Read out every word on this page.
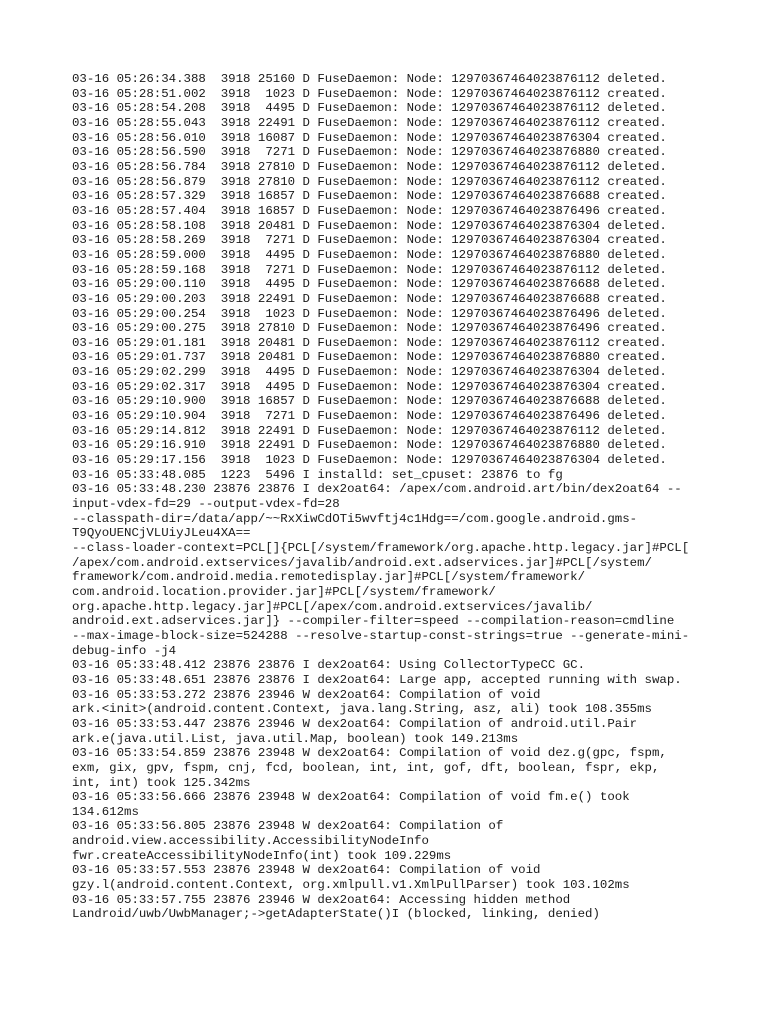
03-16 05:26:34.388  3918 25160 D FuseDaemon: Node: 12970367464023876112 deleted.
03-16 05:28:51.002  3918  1023 D FuseDaemon: Node: 12970367464023876112 created.
03-16 05:28:54.208  3918  4495 D FuseDaemon: Node: 12970367464023876112 deleted.
03-16 05:28:55.043  3918 22491 D FuseDaemon: Node: 12970367464023876112 created.
03-16 05:28:56.010  3918 16087 D FuseDaemon: Node: 12970367464023876304 created.
03-16 05:28:56.590  3918  7271 D FuseDaemon: Node: 12970367464023876880 created.
03-16 05:28:56.784  3918 27810 D FuseDaemon: Node: 12970367464023876112 deleted.
03-16 05:28:56.879  3918 27810 D FuseDaemon: Node: 12970367464023876112 created.
03-16 05:28:57.329  3918 16857 D FuseDaemon: Node: 12970367464023876688 created.
03-16 05:28:57.404  3918 16857 D FuseDaemon: Node: 12970367464023876496 created.
03-16 05:28:58.108  3918 20481 D FuseDaemon: Node: 12970367464023876304 deleted.
03-16 05:28:58.269  3918  7271 D FuseDaemon: Node: 12970367464023876304 created.
03-16 05:28:59.000  3918  4495 D FuseDaemon: Node: 12970367464023876880 deleted.
03-16 05:28:59.168  3918  7271 D FuseDaemon: Node: 12970367464023876112 deleted.
03-16 05:29:00.110  3918  4495 D FuseDaemon: Node: 12970367464023876688 deleted.
03-16 05:29:00.203  3918 22491 D FuseDaemon: Node: 12970367464023876688 created.
03-16 05:29:00.254  3918  1023 D FuseDaemon: Node: 12970367464023876496 deleted.
03-16 05:29:00.275  3918 27810 D FuseDaemon: Node: 12970367464023876496 created.
03-16 05:29:01.181  3918 20481 D FuseDaemon: Node: 12970367464023876112 created.
03-16 05:29:01.737  3918 20481 D FuseDaemon: Node: 12970367464023876880 created.
03-16 05:29:02.299  3918  4495 D FuseDaemon: Node: 12970367464023876304 deleted.
03-16 05:29:02.317  3918  4495 D FuseDaemon: Node: 12970367464023876304 created.
03-16 05:29:10.900  3918 16857 D FuseDaemon: Node: 12970367464023876688 deleted.
03-16 05:29:10.904  3918  7271 D FuseDaemon: Node: 12970367464023876496 deleted.
03-16 05:29:14.812  3918 22491 D FuseDaemon: Node: 12970367464023876112 deleted.
03-16 05:29:16.910  3918 22491 D FuseDaemon: Node: 12970367464023876880 deleted.
03-16 05:29:17.156  3918  1023 D FuseDaemon: Node: 12970367464023876304 deleted.
03-16 05:33:48.085  1223  5496 I installd: set_cpuset: 23876 to fg
03-16 05:33:48.230 23876 23876 I dex2oat64: /apex/com.android.art/bin/dex2oat64 --
input-vdex-fd=29 --output-vdex-fd=28
--classpath-dir=/data/app/~~RxXiwCdOTi5wvftj4c1Hdg==/com.google.android.gms-
T9QyoUENCjVLUiyJLeu4XA==
--class-loader-context=PCL[]{PCL[/system/framework/org.apache.http.legacy.jar]#PCL[
/apex/com.android.extservices/javalib/android.ext.adservices.jar]#PCL[/system/
framework/com.android.media.remotedisplay.jar]#PCL[/system/framework/
com.android.location.provider.jar]#PCL[/system/framework/
org.apache.http.legacy.jar]#PCL[/apex/com.android.extservices/javalib/
android.ext.adservices.jar]} --compiler-filter=speed --compilation-reason=cmdline
--max-image-block-size=524288 --resolve-startup-const-strings=true --generate-mini-
debug-info -j4
03-16 05:33:48.412 23876 23876 I dex2oat64: Using CollectorTypeCC GC.
03-16 05:33:48.651 23876 23876 I dex2oat64: Large app, accepted running with swap.
03-16 05:33:53.272 23876 23946 W dex2oat64: Compilation of void
ark.<init>(android.content.Context, java.lang.String, asz, ali) took 108.355ms
03-16 05:33:53.447 23876 23946 W dex2oat64: Compilation of android.util.Pair
ark.e(java.util.List, java.util.Map, boolean) took 149.213ms
03-16 05:33:54.859 23876 23948 W dex2oat64: Compilation of void dez.g(gpc, fspm,
exm, gix, gpv, fspm, cnj, fcd, boolean, int, int, gof, dft, boolean, fspr, ekp,
int, int) took 125.342ms
03-16 05:33:56.666 23876 23948 W dex2oat64: Compilation of void fm.e() took
134.612ms
03-16 05:33:56.805 23876 23948 W dex2oat64: Compilation of
android.view.accessibility.AccessibilityNodeInfo
fwr.createAccessibilityNodeInfo(int) took 109.229ms
03-16 05:33:57.553 23876 23948 W dex2oat64: Compilation of void
gzy.l(android.content.Context, org.xmlpull.v1.XmlPullParser) took 103.102ms
03-16 05:33:57.755 23876 23946 W dex2oat64: Accessing hidden method
Landroid/uwb/UwbManager;->getAdapterState()I (blocked, linking, denied)
